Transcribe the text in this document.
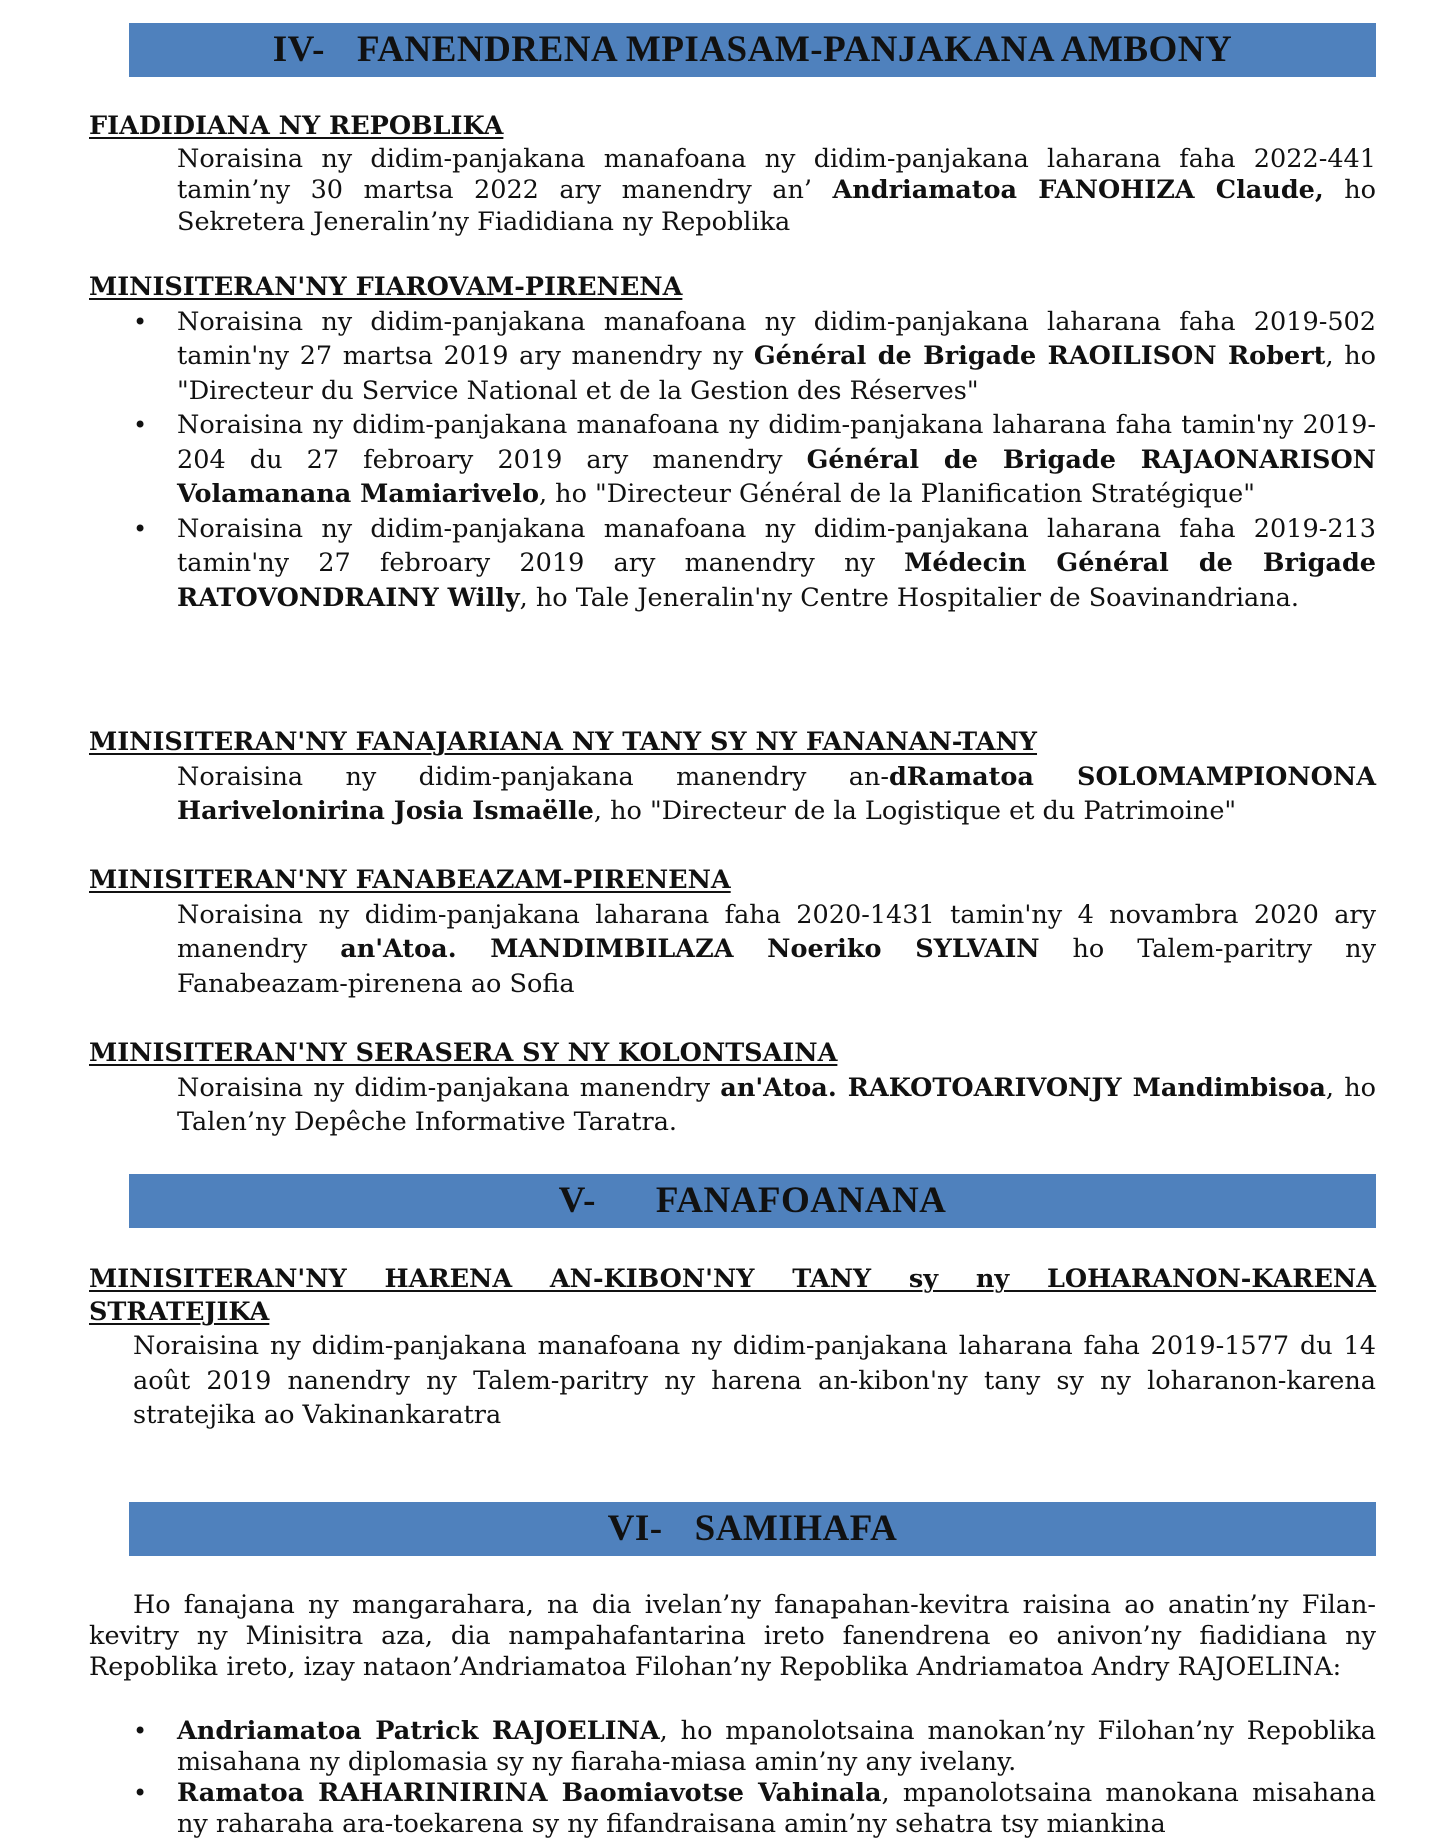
IV- FANENDRENA MPIASAM-PANJAKANA AMBONY

FIADIDIANA NY REPOBLIKA

Noraisina ny didim-panjakana manafoana ny didim-panjakana laharana faha 2022-441 tamin’ny 30 martsa 2022 ary manendry an’ Andriamatoa FANOHIZA Claude, ho Sekretera Jeneralin’ny Fiadidiana ny Repoblika

MINISITERAN'NY FIAROVAM-PIRENENA

• Noraisina ny didim-panjakana manafoana ny didim-panjakana laharana faha 2019-502 tamin'ny 27 martsa 2019 ary manendry ny Général de Brigade RAOILISON Robert, ho "Directeur du Service National et de la Gestion des Réserves"
• Noraisina ny didim-panjakana manafoana ny didim-panjakana laharana faha tamin'ny 2019-204 du 27 febroary 2019 ary manendry Général de Brigade RAJAONARISON Volamanana Mamiarivelo, ho "Directeur Général de la Planification Stratégique"
• Noraisina ny didim-panjakana manafoana ny didim-panjakana laharana faha 2019-213 tamin'ny 27 febroary 2019 ary manendry ny Médecin Général de Brigade RATOVONDRAINY Willy, ho Tale Jeneralin'ny Centre Hospitalier de Soavinandriana.

MINISITERAN'NY FANAJARIANA NY TANY SY NY FANANAN-TANY

Noraisina ny didim-panjakana manendry an-dRamatoa SOLOMAMPIONONA Harivelonirina Josia Ismaëlle, ho "Directeur de la Logistique et du Patrimoine"

MINISITERAN'NY FANABEAZAM-PIRENENA

Noraisina ny didim-panjakana laharana faha 2020-1431 tamin'ny 4 novambra 2020 ary manendry an'Atoa. MANDIMBILAZA Noeriko SYLVAIN ho Talem-paritry ny Fanabeazam-pirenena ao Sofia

MINISITERAN'NY SERASERA SY NY KOLONTSAINA

Noraisina ny didim-panjakana manendry an'Atoa. RAKOTOARIVONJY Mandimbisoa, ho Talen’ny Depêche Informative Taratra.

V- FANAFOANANA

MINISITERAN'NY HARENA AN-KIBON'NY TANY sy ny LOHARANON-KARENA STRATEJIKA

Noraisina ny didim-panjakana manafoana ny didim-panjakana laharana faha 2019-1577 du 14 août 2019 nanendry ny Talem-paritry ny harena an-kibon'ny tany sy ny loharanon-karena stratejika ao Vakinankaratra

VI- SAMIHAFA

Ho fanajana ny mangarahara, na dia ivelan’ny fanapahan-kevitra raisina ao anatin’ny Filan-kevitry ny Minisitra aza, dia nampahafantarina ireto fanendrena eo anivon’ny fiadidiana ny Repoblika ireto, izay nataon’Andriamatoa Filohan’ny Repoblika Andriamatoa Andry RAJOELINA:

• Andriamatoa Patrick RAJOELINA, ho mpanolotsaina manokan’ny Filohan’ny Repoblika misahana ny diplomasia sy ny fiaraha-miasa amin’ny any ivelany.
• Ramatoa RAHARINIRINA Baomiavotse Vahinala, mpanolotsaina manokana misahana ny raharaha ara-toekarena sy ny fifandraisana amin’ny sehatra tsy miankina
